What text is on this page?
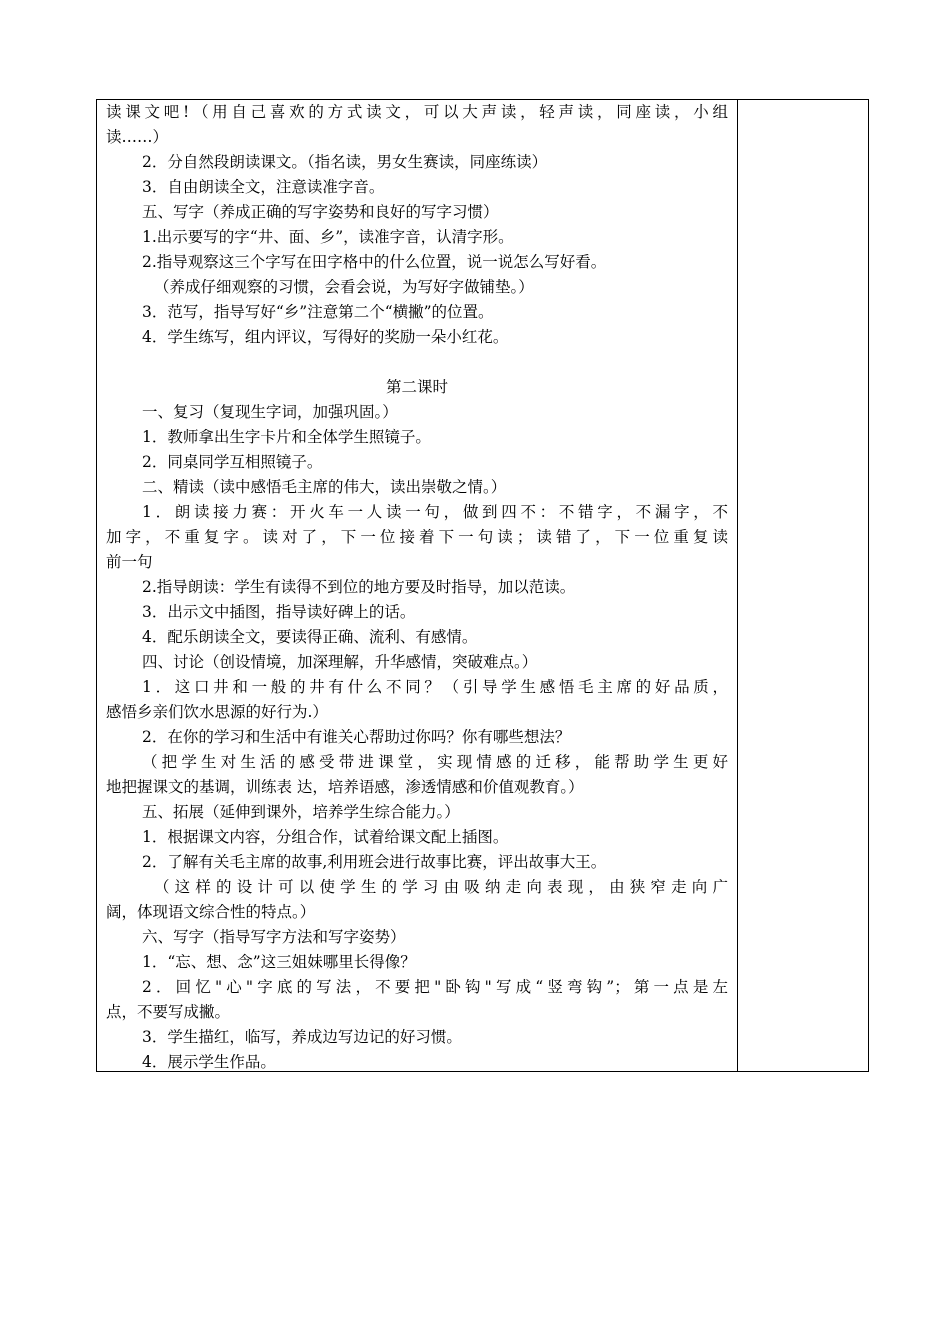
读课文吧!（用自己喜欢的方式读文，可以大声读，轻声读，同座读，小组
读……）
2．分自然段朗读课文。（指名读，男女生赛读，同座练读）
3．自由朗读全文，注意读准字音。
五、写字（养成正确的写字姿势和良好的写字习惯）
1.出示要写的字“井、面、乡”，读准字音，认清字形。
2.指导观察这三个字写在田字格中的什么位置，说一说怎么写好看。
（养成仔细观察的习惯，会看会说，为写好字做铺垫。）
3．范写，指导写好“乡”注意第二个“横撇”的位置。
4．学生练写，组内评议，写得好的奖励一朵小红花。
第二课时
一、复习（复现生字词，加强巩固。）
1．教师拿出生字卡片和全体学生照镜子。
2．同桌同学互相照镜子。
二、精读（读中感悟毛主席的伟大，读出崇敬之情。）
1．朗读接力赛：开火车一人读一句，做到四不：不错字，不漏字，不
加字，不重复字。读对了，下一位接着下一句读；读错了，下一位重复读
前一句
2.指导朗读：学生有读得不到位的地方要及时指导，加以范读。
3．出示文中插图，指导读好碑上的话。
4．配乐朗读全文，要读得正确、流利、有感情。
四、讨论（创设情境，加深理解，升华感情，突破难点。）
1．这口井和一般的井有什么不同？（引导学生感悟毛主席的好品质，
感悟乡亲们饮水思源的好行为.）
2．在你的学习和生活中有谁关心帮助过你吗？你有哪些想法？
（把学生对生活的感受带进课堂，实现情感的迁移，能帮助学生更好
地把握课文的基调，训练表 达，培养语感，渗透情感和价值观教育。）
五、拓展（延伸到课外，培养学生综合能力。）
1．根据课文内容，分组合作，试着给课文配上插图。
2．了解有关毛主席的故事,利用班会进行故事比赛，评出故事大王。
（这样的设计可以使学生的学习由吸纳走向表现，由狭窄走向广
阔，体现语文综合性的特点。）
六、写字（指导写字方法和写字姿势）
1．“忘、想、念”这三姐妹哪里长得像？
2．回忆"心"字底的写法，不要把"卧钩"写成“竖弯钩”；第一点是左
点，不要写成撇。
3．学生描红，临写，养成边写边记的好习惯。
4．展示学生作品。
